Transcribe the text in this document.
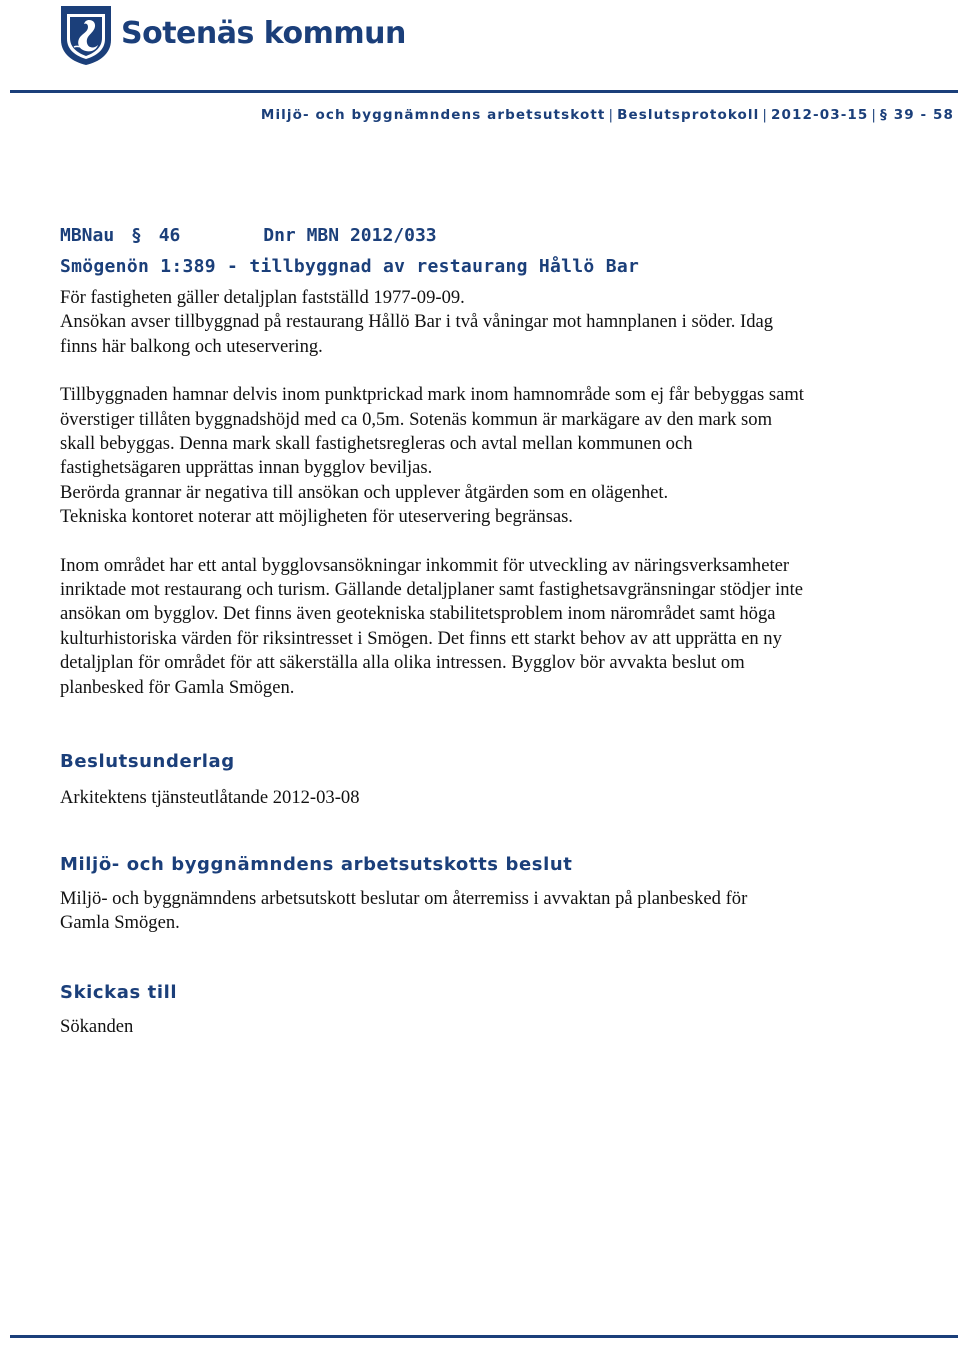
Sotenäs kommun
Miljö- och byggnämndens arbetsutskott | Beslutsprotokoll | 2012-03-15 | § 39 - 58
MBNau § 46	Dnr MBN 2012/033
Smögenön 1:389 - tillbyggnad av restaurang Hållö Bar

För fastigheten gäller detaljplan fastställd 1977-09-09.
Ansökan avser tillbyggnad på restaurang Hållö Bar i två våningar mot hamnplanen i söder. Idag
finns här balkong och uteservering.

Tillbyggnaden hamnar delvis inom punktprickad mark inom hamnområde som ej får bebyggas samt
överstiger tillåten byggnadshöjd med ca 0,5m. Sotenäs kommun är markägare av den mark som
skall bebyggas. Denna mark skall fastighetsregleras och avtal mellan kommunen och
fastighetsägaren upprättas innan bygglov beviljas.
Berörda grannar är negativa till ansökan och upplever åtgärden som en olägenhet.
Tekniska kontoret noterar att möjligheten för uteservering begränsas.

Inom området har ett antal bygglovsansökningar inkommit för utveckling av näringsverksamheter
inriktade mot restaurang och turism. Gällande detaljplaner samt fastighetsavgränsningar stödjer inte
ansökan om bygglov. Det finns även geotekniska stabilitetsproblem inom närområdet samt höga
kulturhistoriska värden för riksintresset i Smögen. Det finns ett starkt behov av att upprätta en ny
detaljplan för området för att säkerställa alla olika intressen. Bygglov bör avvakta beslut om
planbesked för Gamla Smögen.

Beslutsunderlag

Arkitektens tjänsteutlåtande 2012-03-08

Miljö- och byggnämndens arbetsutskotts beslut

Miljö- och byggnämndens arbetsutskott beslutar om återremiss i avvaktan på planbesked för
Gamla Smögen.

Skickas till

Sökanden
